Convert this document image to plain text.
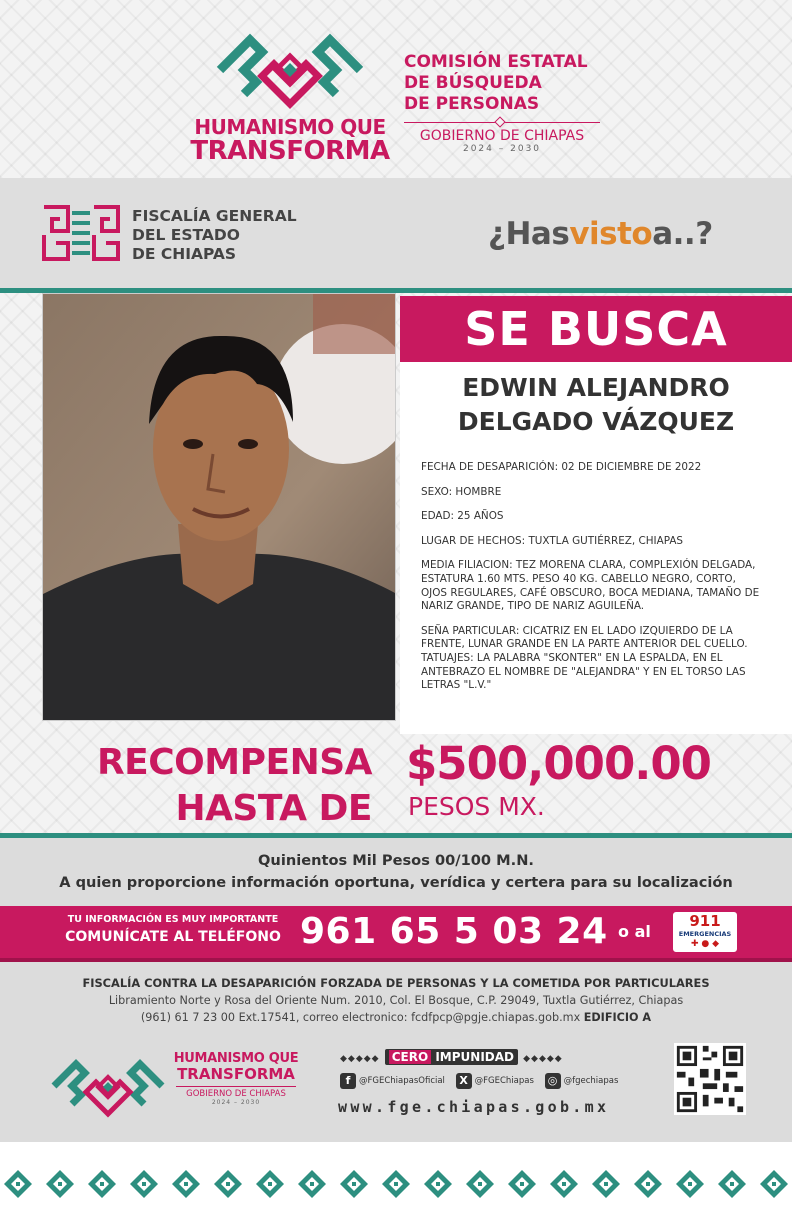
HUMANISMO QUE
TRANSFORMA
COMISIÓN ESTATAL
DE BÚSQUEDA
DE PERSONAS
GOBIERNO DE CHIAPAS
2024 – 2030
FISCALÍA GENERAL
DEL ESTADO
DE CHIAPAS
¿Hasvistoa..?
SE BUSCA
EDWIN ALEJANDRO
DELGADO VÁZQUEZ

FECHA DE DESAPARICIÓN: 02 DE DICIEMBRE DE 2022

SEXO: HOMBRE

EDAD: 25 AÑOS

LUGAR DE HECHOS: TUXTLA GUTIÉRREZ, CHIAPAS

MEDIA FILIACION: TEZ MORENA CLARA, COMPLEXIÓN DELGADA, ESTATURA 1.60 MTS. PESO 40 KG. CABELLO NEGRO, CORTO, OJOS REGULARES, CAFÉ OBSCURO, BOCA MEDIANA, TAMAÑO DE NARIZ GRANDE, TIPO DE NARIZ AGUILEÑA.

SEÑA PARTICULAR: CICATRIZ EN EL LADO IZQUIERDO DE LA FRENTE, LUNAR GRANDE EN LA PARTE ANTERIOR DEL CUELLO. TATUAJES: LA PALABRA "SKONTER" EN LA ESPALDA, EN EL ANTEBRAZO EL NOMBRE DE "ALEJANDRA" Y EN EL TORSO LAS LETRAS "L.V."

RECOMPENSA
HASTA DE
$500,000.00
PESOS MX.
Quinientos Mil Pesos 00/100 M.N.
A quien proporcione información oportuna, verídica y certera para su localización
TU INFORMACIÓN ES MUY IMPORTANTE
COMUNÍCATE AL TELÉFONO 961 65 5 03 24 o al
911
EMERGENCIAS
✚ ● ◆
FISCALÍA CONTRA LA DESAPARICIÓN FORZADA DE PERSONAS Y LA COMETIDA POR PARTICULARES
Libramiento Norte y Rosa del Oriente Num. 2010, Col. El Bosque, C.P. 29049, Tuxtla Gutiérrez, Chiapas
(961) 61 7 23 00 Ext.17541, correo electronico: fcdfpcp@pgje.chiapas.gob.mx EDIFICIO A
HUMANISMO QUE
TRANSFORMA
GOBIERNO DE CHIAPAS
2024 – 2030
◆◆◆◆◆ CERO IMPUNIDAD ◆◆◆◆◆
f	@FGEChiapasOficial
	X @FGEChiapas
◎ @fgechiapas
www.fge.chiapas.gob.mx
